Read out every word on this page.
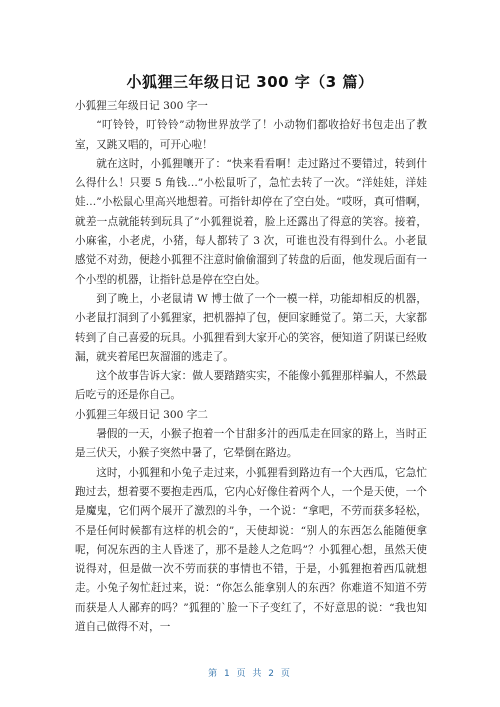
小狐狸三年级日记 300 字（3 篇）

小狐狸三年级日记 300 字一

“叮铃铃，叮铃铃”动物世界放学了！小动物们都收拾好书包走出了教室，又跳又唱的，可开心啦！

就在这时，小狐狸嚷开了：“快来看看啊！走过路过不要错过，转到什么得什么！只要 5 角钱…”小松鼠听了，急忙去转了一次。“洋娃娃，洋娃娃…”小松鼠心里高兴地想着。可指针却停在了空白处。“哎呀，真可惜啊，就差一点就能转到玩具了”小狐狸说着，脸上还露出了得意的笑容。接着，小麻雀，小老虎，小猪，每人都转了 3 次，可谁也没有得到什么。小老鼠感觉不对劲，便趁小狐狸不注意时偷偷溜到了转盘的后面，他发现后面有一个小型的机器，让指针总是停在空白处。

到了晚上，小老鼠请 W 博士做了一个一模一样，功能却相反的机器，小老鼠打洞到了小狐狸家，把机器掉了包，便回家睡觉了。第二天，大家都转到了自己喜爱的玩具。小狐狸看到大家开心的笑容，便知道了阴谋已经败漏，就夹着尾巴灰溜溜的逃走了。

这个故事告诉大家：做人要踏踏实实，不能像小狐狸那样骗人，不然最后吃亏的还是你自己。

小狐狸三年级日记 300 字二

暑假的一天，小猴子抱着一个甘甜多汁的西瓜走在回家的路上，当时正是三伏天，小猴子突然中暑了，它晕倒在路边。

这时，小狐狸和小兔子走过来，小狐狸看到路边有一个大西瓜，它急忙跑过去，想着要不要抱走西瓜，它内心好像住着两个人，一个是天使，一个是魔鬼，它们两个展开了激烈的斗争，一个说：“拿吧，不劳而获多轻松，不是任何时候都有这样的机会的”，天使却说：“别人的东西怎么能随便拿呢，何况东西的主人昏迷了，那不是趁人之危吗”？小狐狸心想，虽然天使说得对，但是做一次不劳而获的事情也不错，于是，小狐狸抱着西瓜就想走。小兔子匆忙赶过来，说：“你怎么能拿别人的东西？你难道不知道不劳而获是人人鄙弃的吗？”狐狸的`脸一下子变红了，不好意思的说：“我也知道自己做得不对，一

第 1 页 共 2 页
